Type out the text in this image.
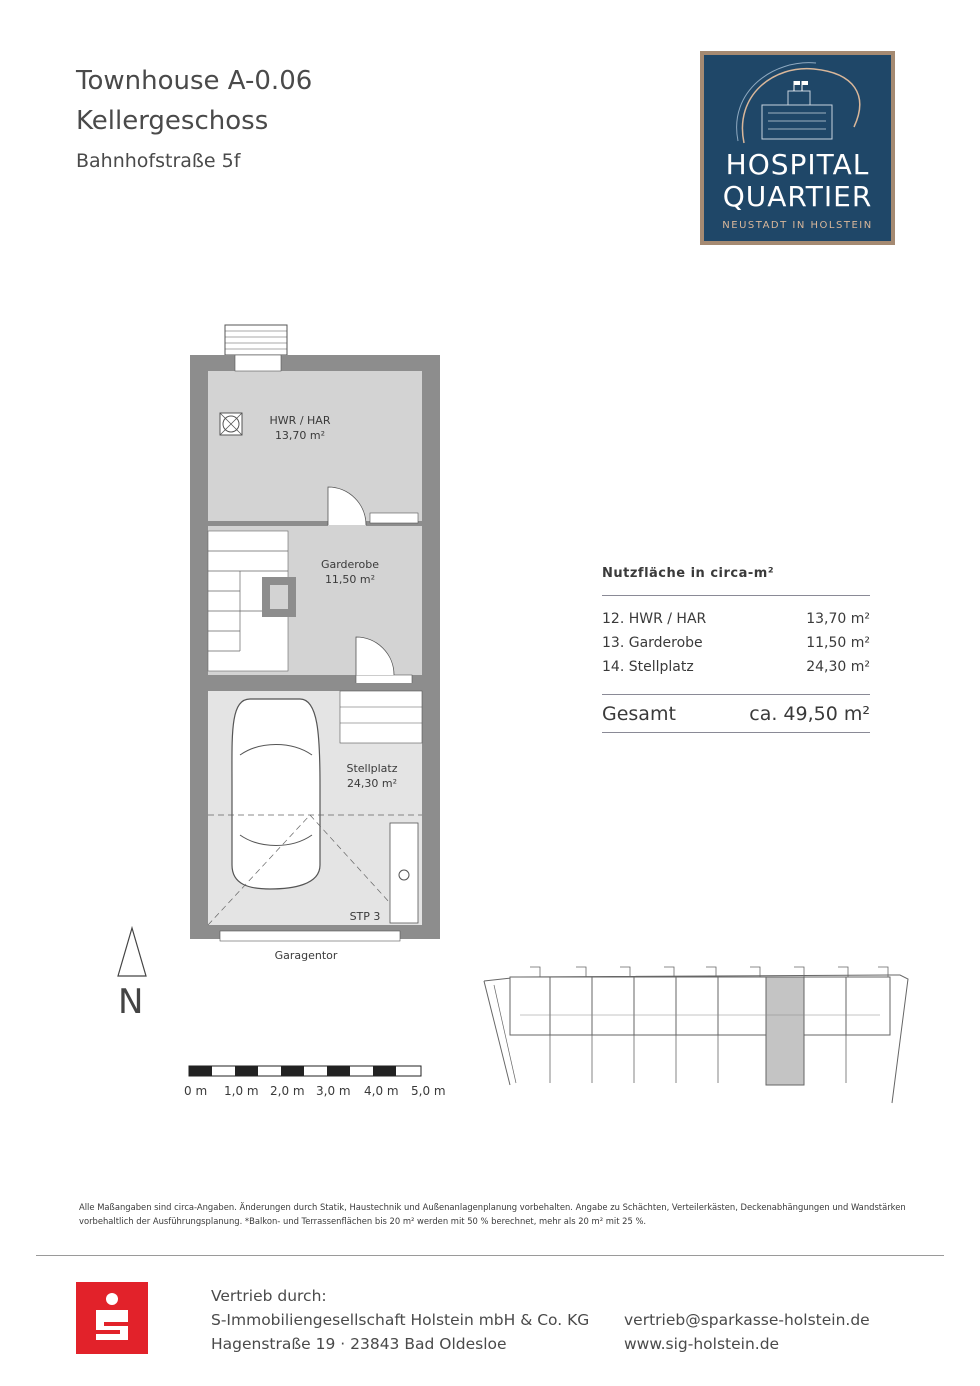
Townhouse A-0.06
Kellergeschoss
Bahnhofstraße 5f	HOSPITAL
QUARTIER
NEUSTADT IN HOLSTEIN
HWR / HAR
13,70 m²
Garderobe
11,50 m²
Stellplatz
24,30 m²
STP 3
Garagentor
N
0 m 1,0 m 2,0 m 3,0 m 4,0 m 5,0 m
Nutzfläche in circa-m²
12. HWR / HAR	13,70 m²
13. Garderobe	11,50 m²
14. Stellplatz	24,30 m²
Gesamt	ca. 49,50 m²
Alle Maßangaben sind circa-Angaben. Änderungen durch Statik, Haustechnik und Außenanlagenplanung vorbehalten. Angabe zu Schächten, Verteilerkästen, Deckenabhängungen und Wandstärken
vorbehaltlich der Ausführungsplanung. *Balkon- und Terrassenflächen bis 20 m² werden mit 50 % berechnet, mehr als 20 m² mit 25 %.
Vertrieb durch:
S-Immobiliengesellschaft Holstein mbH & Co. KG
Hagenstraße 19 · 23843 Bad Oldesloe
vertrieb@sparkasse-holstein.de
www.sig-holstein.de
